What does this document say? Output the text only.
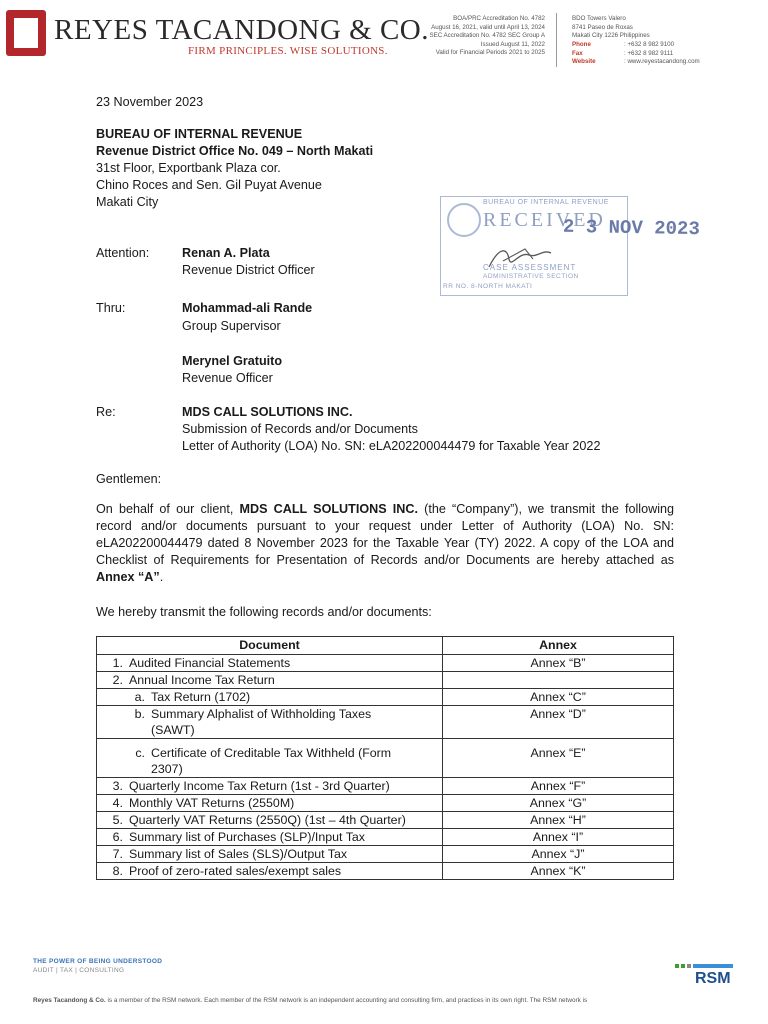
REYES TACANDONG & CO.
FIRM PRINCIPLES. WISE SOLUTIONS.
BOA/PRC Accreditation No. 4782
August 16, 2021, valid until April 13, 2024
SEC Accreditation No. 4782 SEC Group A
Issued August 11, 2022
Valid for Financial Periods 2021 to 2025
BDO Towers Valero
8741 Paseo de Roxas
Makati City 1226 Philippines
Phone	: +632 8 982 9100
Fax	: +632 8 982 9111
Website	: www.reyestacandong.com
23 November 2023
BUREAU OF INTERNAL REVENUE
Revenue District Office No. 049 – North Makati
31st Floor, Exportbank Plaza cor.
Chino Roces and Sen. Gil Puyat Avenue
Makati City
Attention:	Renan A. Plata
Revenue District Officer
Thru:	Mohammad-ali Rande
Group Supervisor
Merynel Gratuito
Revenue Officer
Re:	MDS CALL SOLUTIONS INC.
Submission of Records and/or Documents
Letter of Authority (LOA) No. SN: eLA202200044479 for Taxable Year 2022
BUREAU OF INTERNAL REVENUE
RECEIVED
2 3 NOV 2023
CASE ASSESSMENT
ADMINISTRATIVE SECTION
RR NO. 8-NORTH MAKATI
Gentlemen:
On behalf of our client, MDS CALL SOLUTIONS INC. (the “Company”), we transmit the following record and/or documents pursuant to your request under Letter of Authority (LOA) No. SN: eLA202200044479 dated 8 November 2023 for the Taxable Year (TY) 2022. A copy of the LOA and Checklist of Requirements for Presentation of Records and/or Documents are hereby attached as Annex “A”.
We hereby transmit the following records and/or documents:
Document	Annex
1. Audited Financial Statements	Annex “B”
2. Annual Income Tax Return	
a. Tax Return (1702)	Annex “C”
b. Summary Alphalist of Withholding Taxes (SAWT)	Annex “D”
c. Certificate of Creditable Tax Withheld (Form 2307)	Annex “E”
3. Quarterly Income Tax Return (1st - 3rd Quarter)	Annex “F”
4. Monthly VAT Returns (2550M)	Annex “G”
5. Quarterly VAT Returns (2550Q) (1st – 4th Quarter)	Annex “H”
6. Summary list of Purchases (SLP)/Input Tax	Annex “I”
7. Summary list of Sales (SLS)/Output Tax	Annex “J”
8. Proof of zero-rated sales/exempt sales	Annex “K”
THE POWER OF BEING UNDERSTOOD
AUDIT | TAX | CONSULTING	RSM
Reyes Tacandong & Co. is a member of the RSM network. Each member of the RSM network is an independent accounting and consulting firm, and practices in its own right. The RSM network is
